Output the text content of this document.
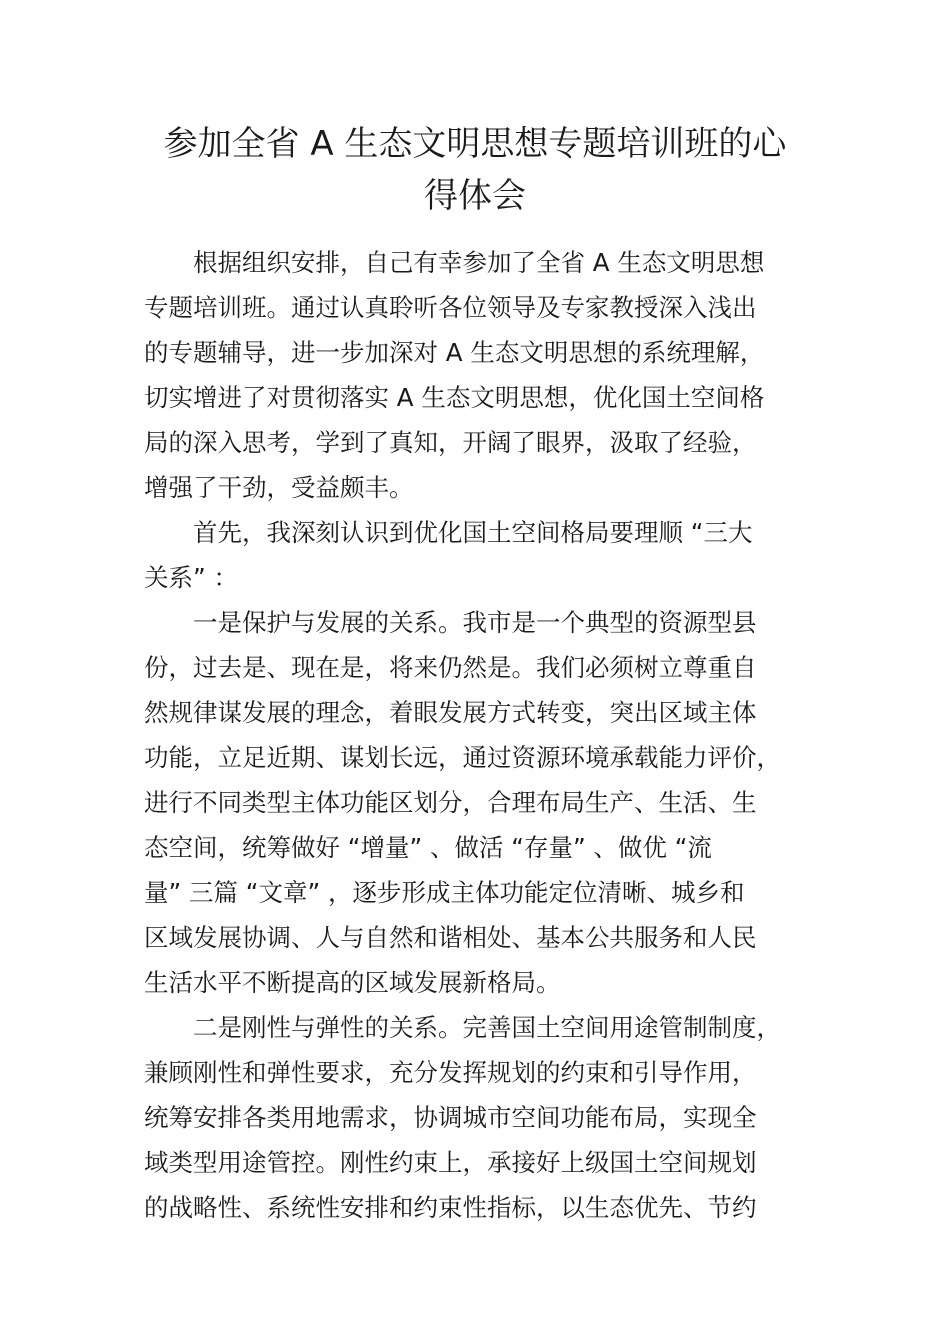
参加全省 A 生态文明思想专题培训班的心
得体会

根据组织安排，自己有幸参加了全省 A 生态文明思想

专题培训班。通过认真聆听各位领导及专家教授深入浅出

的专题辅导，进一步加深对 A 生态文明思想的系统理解，

切实增进了对贯彻落实 A 生态文明思想，优化国土空间格

局的深入思考，学到了真知，开阔了眼界，汲取了经验，

增强了干劲，受益颇丰。

首先，我深刻认识到优化国土空间格局要理顺 “三大

关系” ：

一是保护与发展的关系。我市是一个典型的资源型县

份，过去是、现在是，将来仍然是。我们必须树立尊重自

然规律谋发展的理念，着眼发展方式转变，突出区域主体

功能，立足近期、谋划长远，通过资源环境承载能力评价，

进行不同类型主体功能区划分，合理布局生产、生活、生

态空间，统筹做好 “增量” 、做活 “存量” 、做优 “流

量” 三篇 “文章” ，逐步形成主体功能定位清晰、城乡和

区域发展协调、人与自然和谐相处、基本公共服务和人民

生活水平不断提高的区域发展新格局。

二是刚性与弹性的关系。完善国土空间用途管制制度，

兼顾刚性和弹性要求，充分发挥规划的约束和引导作用，

统筹安排各类用地需求，协调城市空间功能布局，实现全

域类型用途管控。刚性约束上，承接好上级国土空间规划

的战略性、系统性安排和约束性指标，以生态优先、节约
